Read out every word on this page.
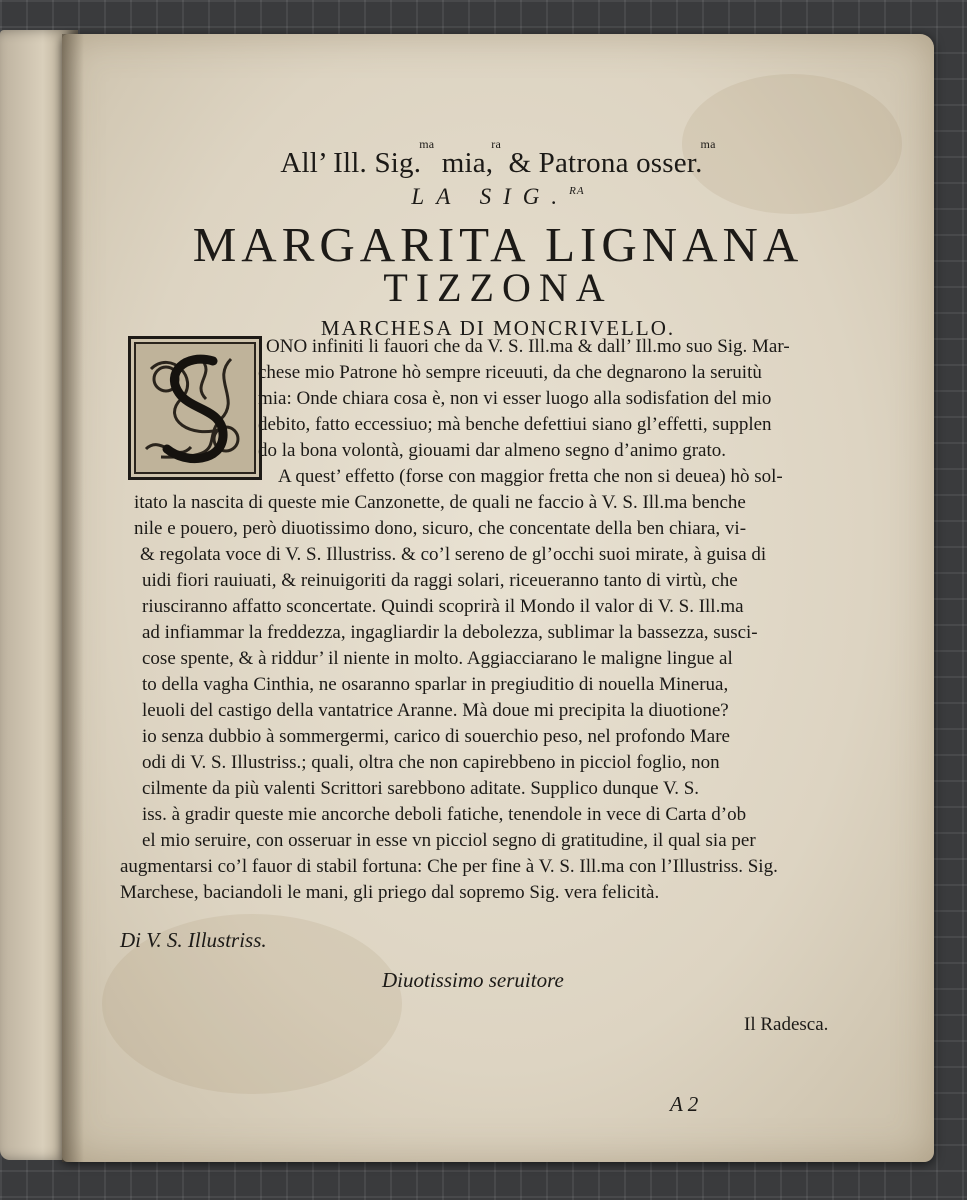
All’ Ill. Sig.$^{ma}$ mia,$^{ra}$ & Patrona osser.$^{ma}$
LA SIG.$^{RA}$
MARGARITA LIGNANA
TIZZONA
MARCHESA DI MONCRIVELLO.
ONO infiniti li fauori che da V. S. Ill.ma & dall’ Ill.mo suo Sig. Mar-
chese mio Patrone hò sempre riceuuti, da che degnarono la seruitù
mia: Onde chiara cosa è, non vi esser luogo alla sodisfation del mio
debito, fatto eccessiuo; mà benche defettiui siano gl’effetti, supplen
do la bona volontà, giouami dar almeno segno d’animo grato.
A quest’ effetto (forse con maggior fretta che non si deuea) hò sol-
itato la nascita di queste mie Canzonette, de quali ne faccio à V. S. Ill.ma benche
nile e pouero, però diuotissimo dono, sicuro, che concentate della ben chiara, vi-
& regolata voce di V. S. Illustriss. & co’l sereno de gl’occhi suoi mirate, à guisa di
uidi fiori rauiuati, & reinuigoriti da raggi solari, riceueranno tanto di virtù, che
riusciranno affatto sconcertate. Quindi scoprirà il Mondo il valor di V. S. Ill.ma
ad infiammar la freddezza, ingagliardir la debolezza, sublimar la bassezza, susci-
cose spente, & à riddur’ il niente in molto. Aggiacciarano le maligne lingue al
to della vagha Cinthia, ne osaranno sparlar in pregiuditio di nouella Minerua,
leuoli del castigo della vantatrice Aranne. Mà doue mi precipita la diuotione?
io senza dubbio à sommergermi, carico di souerchio peso, nel profondo Mare
odi di V. S. Illustriss.; quali, oltra che non capirebbeno in picciol foglio, non
cilmente da più valenti Scrittori sarebbono aditate. Supplico dunque V. S.
iss. à gradir queste mie ancorche deboli fatiche, tenendole in vece di Carta d’ob
el mio seruire, con osseruar in esse vn picciol segno di gratitudine, il qual sia per
augmentarsi co’l fauor di stabil fortuna: Che per fine à V. S. Ill.ma con l’Illustriss. Sig.
Marchese, baciandoli le mani, gli priego dal sopremo Sig. vera felicità.
Di V. S. Illustriss.
Diuotissimo seruitore
Il Radesca.
A 2
